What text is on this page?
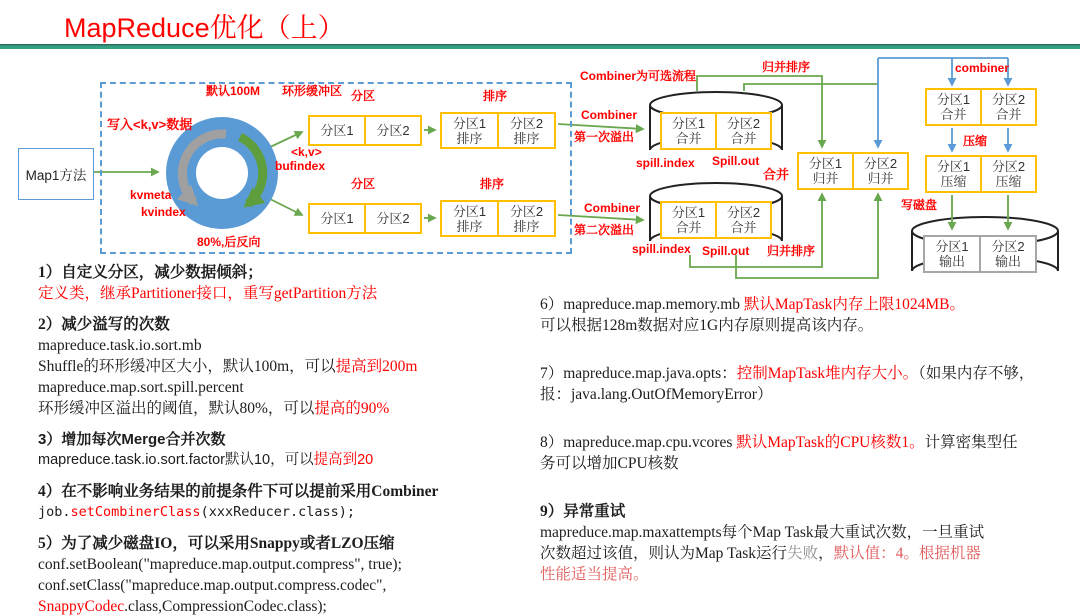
MapReduce优化（上）
Map1方法
分区1 分区2	分区1
排序
分区2
排序
分区1 分区2	分区1
排序
分区2
排序
分区1
合并
分区2
合并
分区1
合并
分区2
合并
分区1
归并
分区2
归并
分区1
合并
分区2
合并
分区1
压缩
分区2
压缩
分区1
输出
分区2
输出
默认100M 环形缓冲区
写入<k,v>数据
<k,v>
bufindex
kvmeta
kvindex
80%,后反向
分区	排序
分区	排序
Combiner为可选流程
Combiner
第一次溢出
Combiner
第二次溢出
spill.index Spill.out
合并
spill.index Spill.out
归并排序
归并排序
combiner
压缩
写磁盘
1）自定义分区，减少数据倾斜；
定义类，继承Partitioner接口，重写getPartition方法
2）减少溢写的次数
mapreduce.task.io.sort.mb
Shuffle的环形缓冲区大小，默认100m，可以提高到200m
mapreduce.map.sort.spill.percent
环形缓冲区溢出的阈值，默认80%，可以提高的90%
3）增加每次Merge合并次数
mapreduce.task.io.sort.factor默认10，可以提高到20
4）在不影响业务结果的前提条件下可以提前采用Combiner
job.setCombinerClass(xxxReducer.class);
5）为了减少磁盘IO，可以采用Snappy或者LZO压缩
conf.setBoolean("mapreduce.map.output.compress", true);
conf.setClass("mapreduce.map.output.compress.codec",
SnappyCodec.class,CompressionCodec.class);
6）mapreduce.map.memory.mb 默认MapTask内存上限1024MB。
可以根据128m数据对应1G内存原则提高该内存。
7）mapreduce.map.java.opts：控制MapTask堆内存大小。（如果内存不够，
报：java.lang.OutOfMemoryError）
8）mapreduce.map.cpu.vcores 默认MapTask的CPU核数1。计算密集型任
务可以增加CPU核数
9）异常重试
mapreduce.map.maxattempts每个Map Task最大重试次数，一旦重试
次数超过该值，则认为Map Task运行失败，默认值：4。根据机器
性能适当提高。
